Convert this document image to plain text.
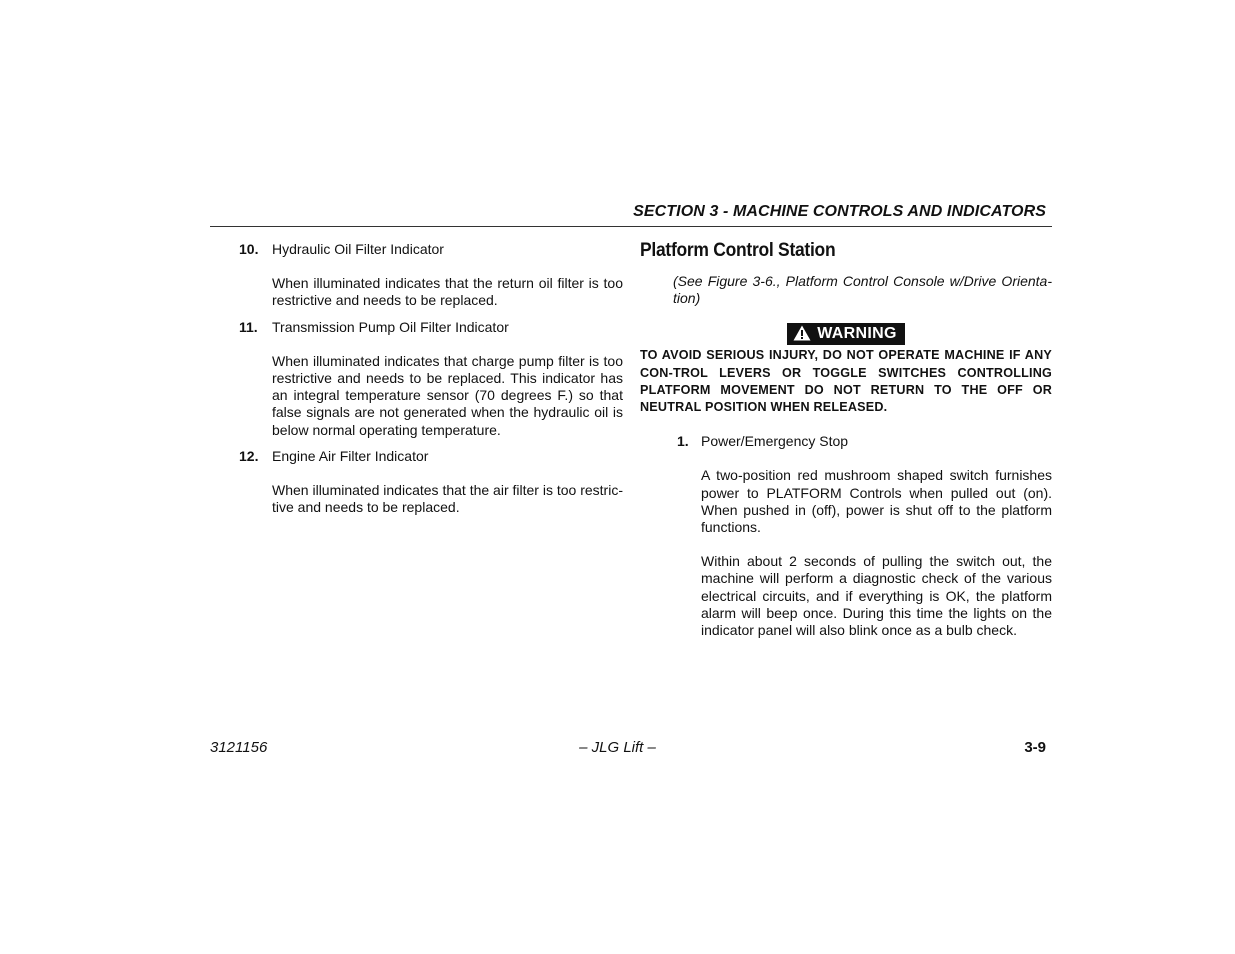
SECTION 3 - MACHINE CONTROLS AND INDICATORS
10. Hydraulic Oil Filter Indicator
When illuminated indicates that the return oil filter is too restrictive and needs to be replaced.
11. Transmission Pump Oil Filter Indicator
When illuminated indicates that charge pump filter is too restrictive and needs to be replaced. This indicator has an integral temperature sensor (70 degrees F.) so that false signals are not generated when the hydraulic oil is below normal operating temperature.
12. Engine Air Filter Indicator
When illuminated indicates that the air filter is too restric-tive and needs to be replaced.
Platform Control Station
(See Figure 3-6., Platform Control Console w/Drive Orienta-tion)
WARNING
TO AVOID SERIOUS INJURY, DO NOT OPERATE MACHINE IF ANY CON-TROL LEVERS OR TOGGLE SWITCHES CONTROLLING PLATFORM MOVEMENT DO NOT RETURN TO THE OFF OR NEUTRAL POSITION WHEN RELEASED.
1. Power/Emergency Stop
A two-position red mushroom shaped switch furnishes power to PLATFORM Controls when pulled out (on). When pushed in (off), power is shut off to the platform functions.
Within about 2 seconds of pulling the switch out, the machine will perform a diagnostic check of the various electrical circuits, and if everything is OK, the platform alarm will beep once. During this time the lights on the indicator panel will also blink once as a bulb check.
3121156	– JLG Lift –	3-9
